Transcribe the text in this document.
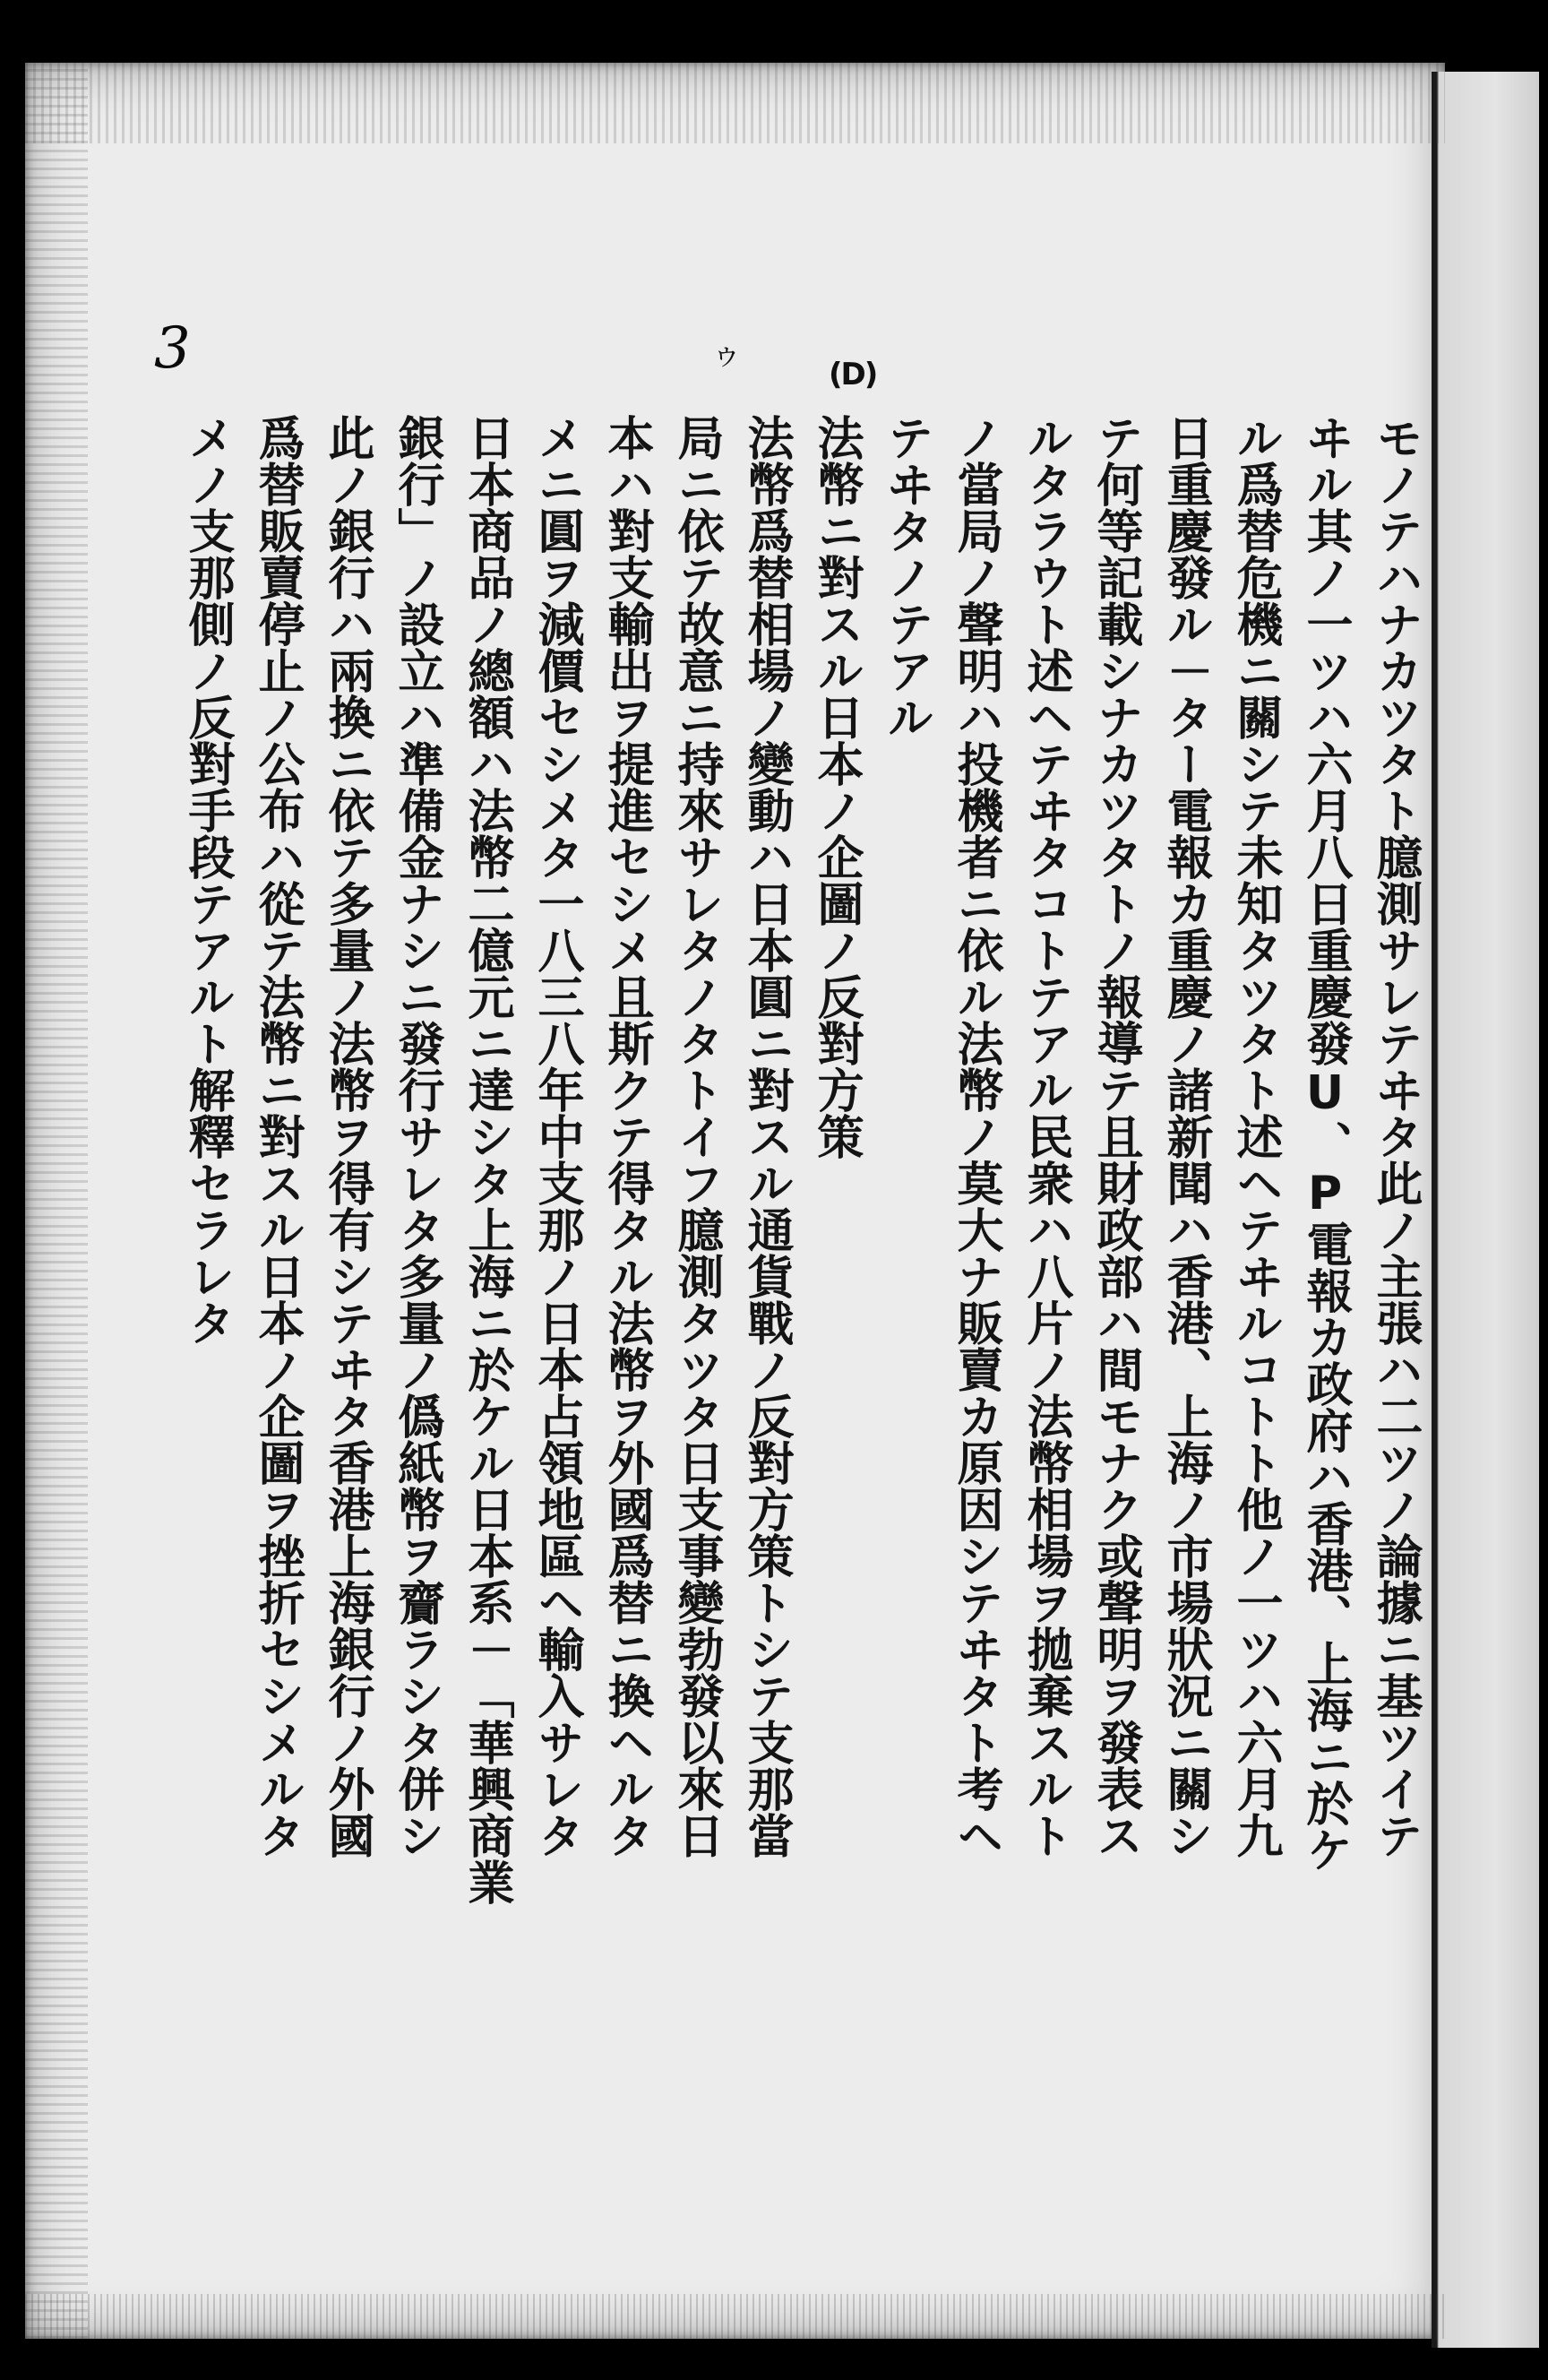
3	ゥ
(D)
モノテハナカツタト臆測サレテヰタ此ノ主張ハ二ツノ論據ニ基ツイテ
ヰル其ノ一ツハ六月八日重慶發U、P電報カ政府ハ香港、上海ニ於ケ
ル爲替危機ニ關シテ未知タツタト述ヘテヰルコトト他ノ一ツハ六月九
日重慶發ル－ター電報カ重慶ノ諸新聞ハ香港、上海ノ市場狀況ニ關シ
テ何等記載シナカツタトノ報導テ且財政部ハ間モナク或聲明ヲ發表ス
ルタラウト述ヘテヰタコトテアル民衆ハ八片ノ法幣相場ヲ拋棄スルト
ノ當局ノ聲明ハ投機者ニ依ル法幣ノ莫大ナ販賣カ原因シテヰタト考ヘ
テヰタノテアル
法幣ニ對スル日本ノ企圖ノ反對方策
法幣爲替相場ノ變動ハ日本圓ニ對スル通貨戰ノ反對方策トシテ支那當
局ニ依テ故意ニ持來サレタノタトイフ臆測タツタ日支事變勃發以來日
本ハ對支輸出ヲ提進セシメ且斯クテ得タル法幣ヲ外國爲替ニ換ヘルタ
メニ圓ヲ減價セシメタ一八三八年中支那ノ日本占領地區ヘ輸入サレタ
日本商品ノ總額ハ法幣二億元ニ達シタ上海ニ於ケル日本系－「華興商業
銀行」ノ設立ハ準備金ナシニ發行サレタ多量ノ僞紙幣ヲ齎ラシタ併シ
此ノ銀行ハ兩換ニ依テ多量ノ法幣ヲ得有シテヰタ香港上海銀行ノ外國
爲替販賣停止ノ公布ハ從テ法幣ニ對スル日本ノ企圖ヲ挫折セシメルタ
メノ支那側ノ反對手段テアルト解釋セラレタ
